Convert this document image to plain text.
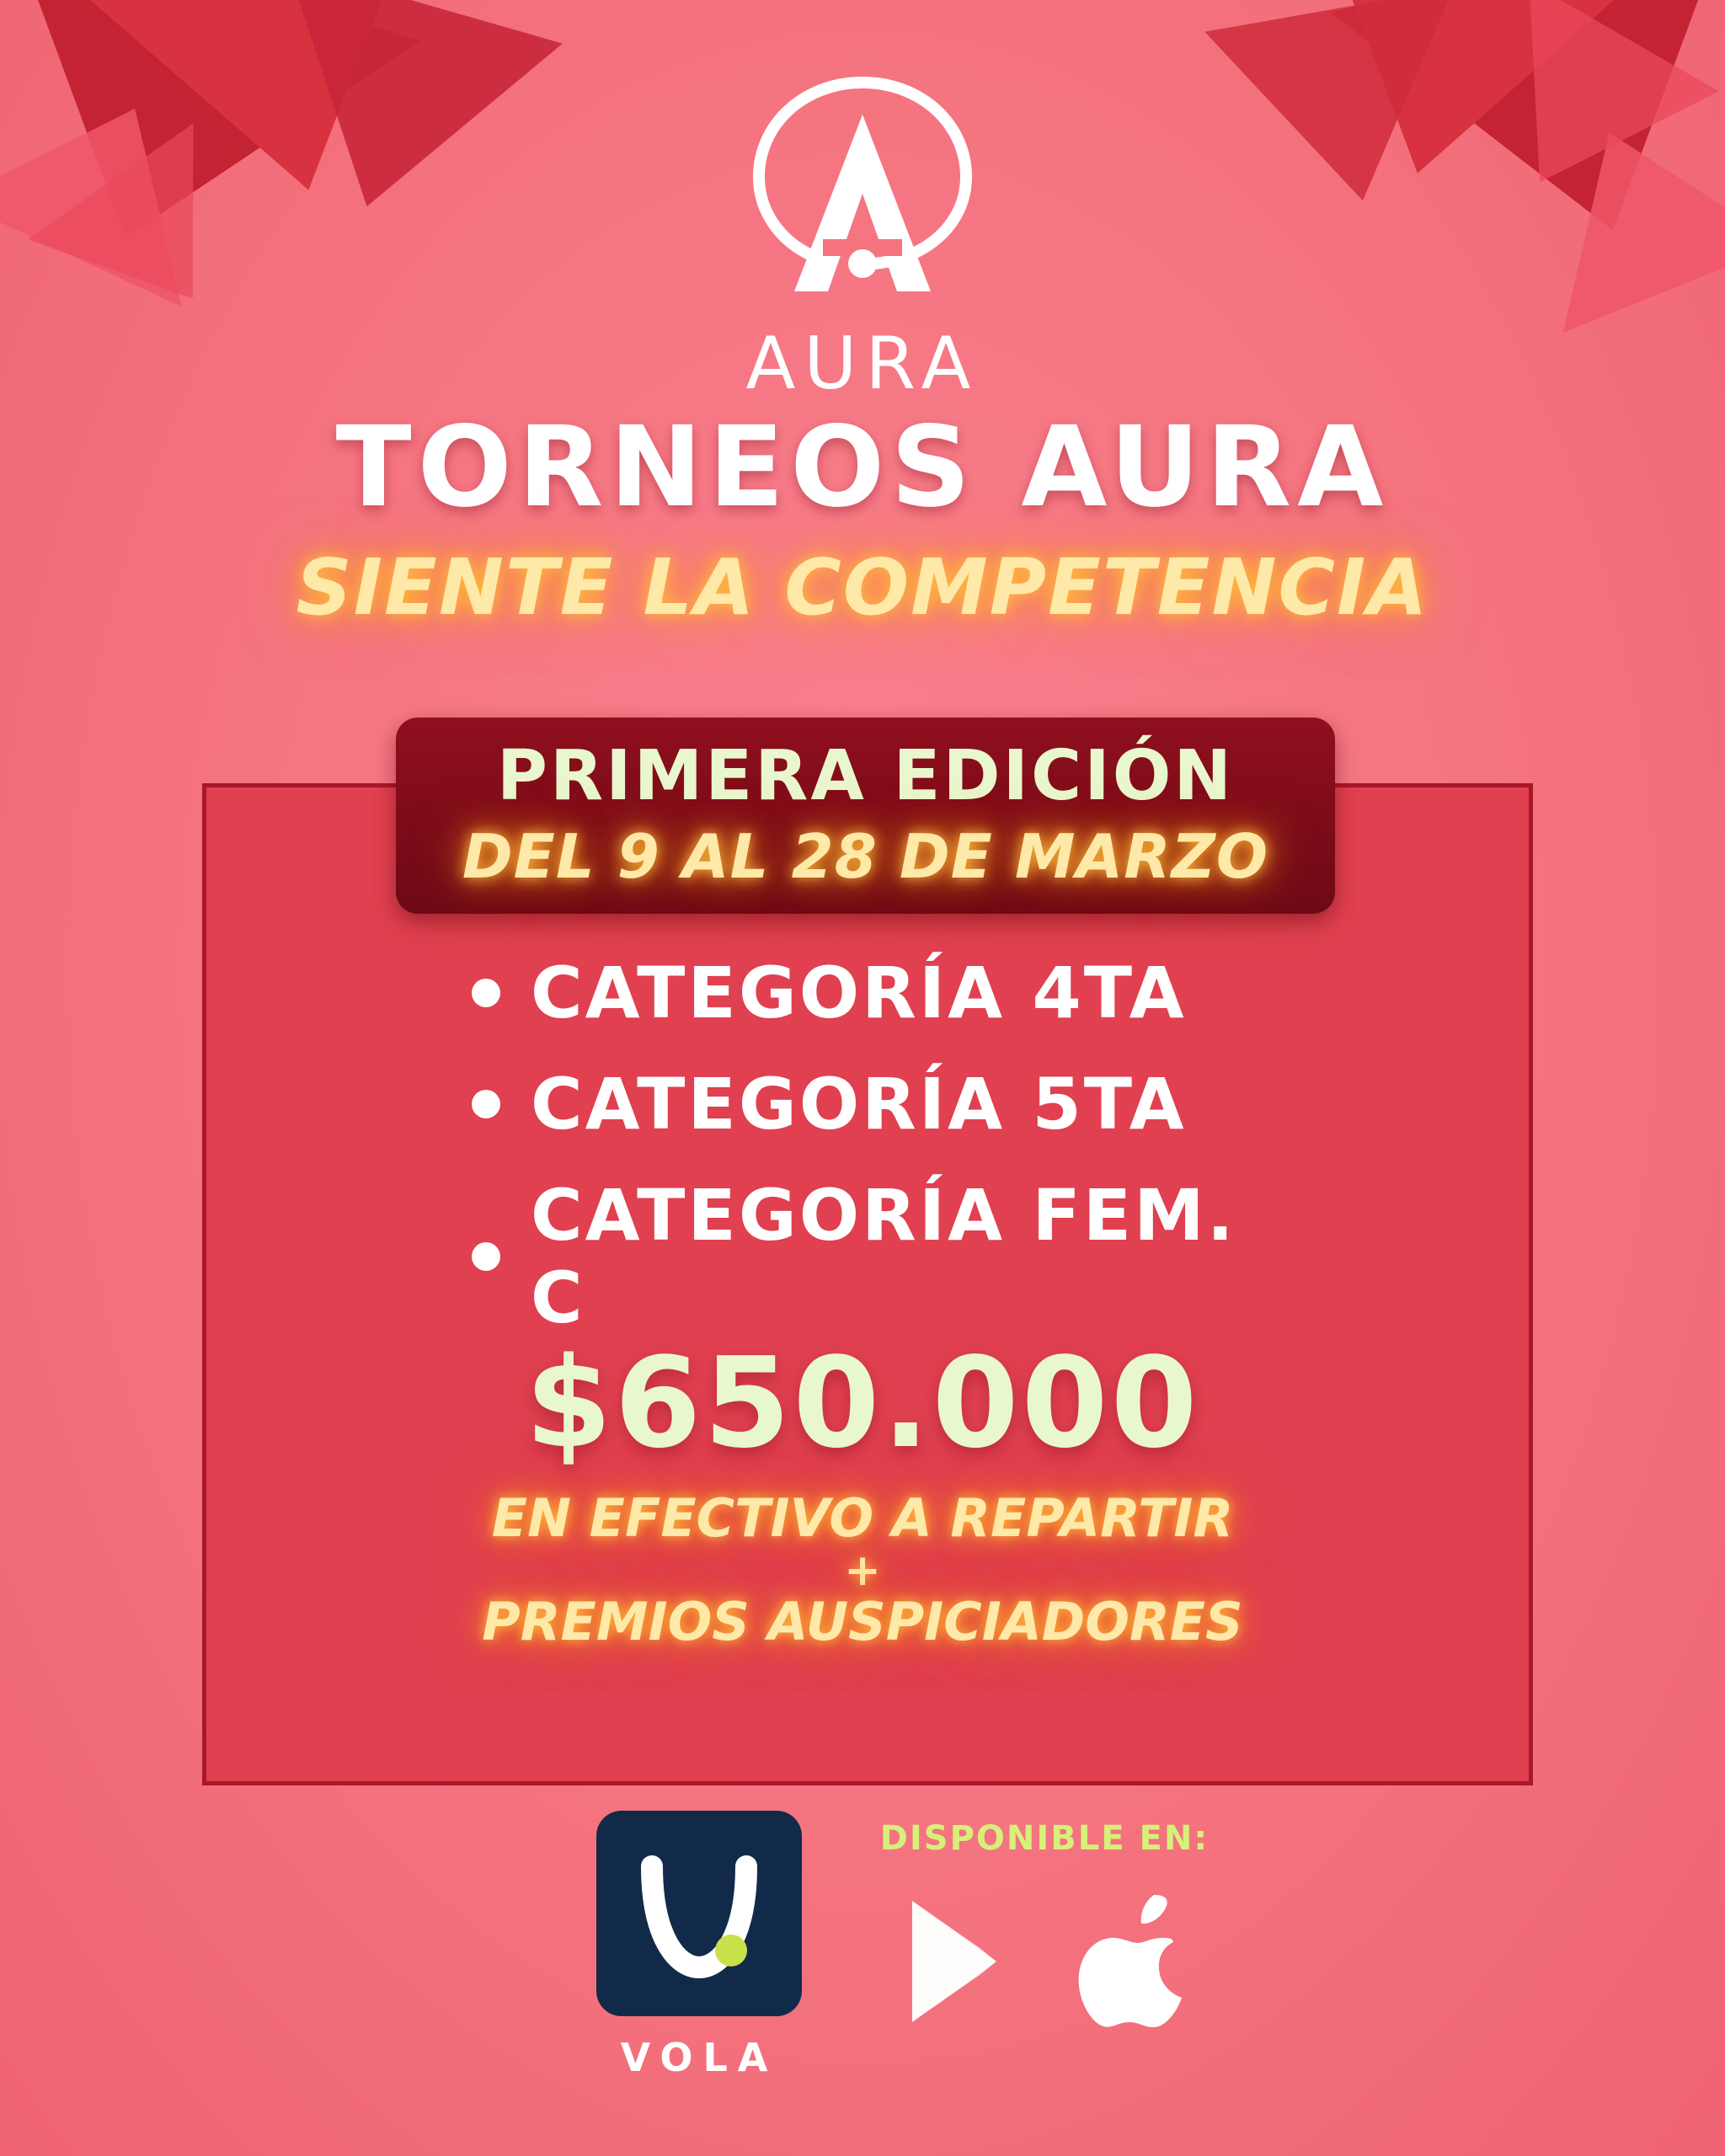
AURA
TORNEOS AURA
SIENTE LA COMPETENCIA
PRIMERA EDICIÓN
DEL 9 AL 28 DE MARZO
CATEGORÍA 4TA
CATEGORÍA 5TA
CATEGORÍA FEM. C
$650.000
EN EFECTIVO A REPARTIR
+
PREMIOS AUSPICIADORES
VOLA
DISPONIBLE EN:
